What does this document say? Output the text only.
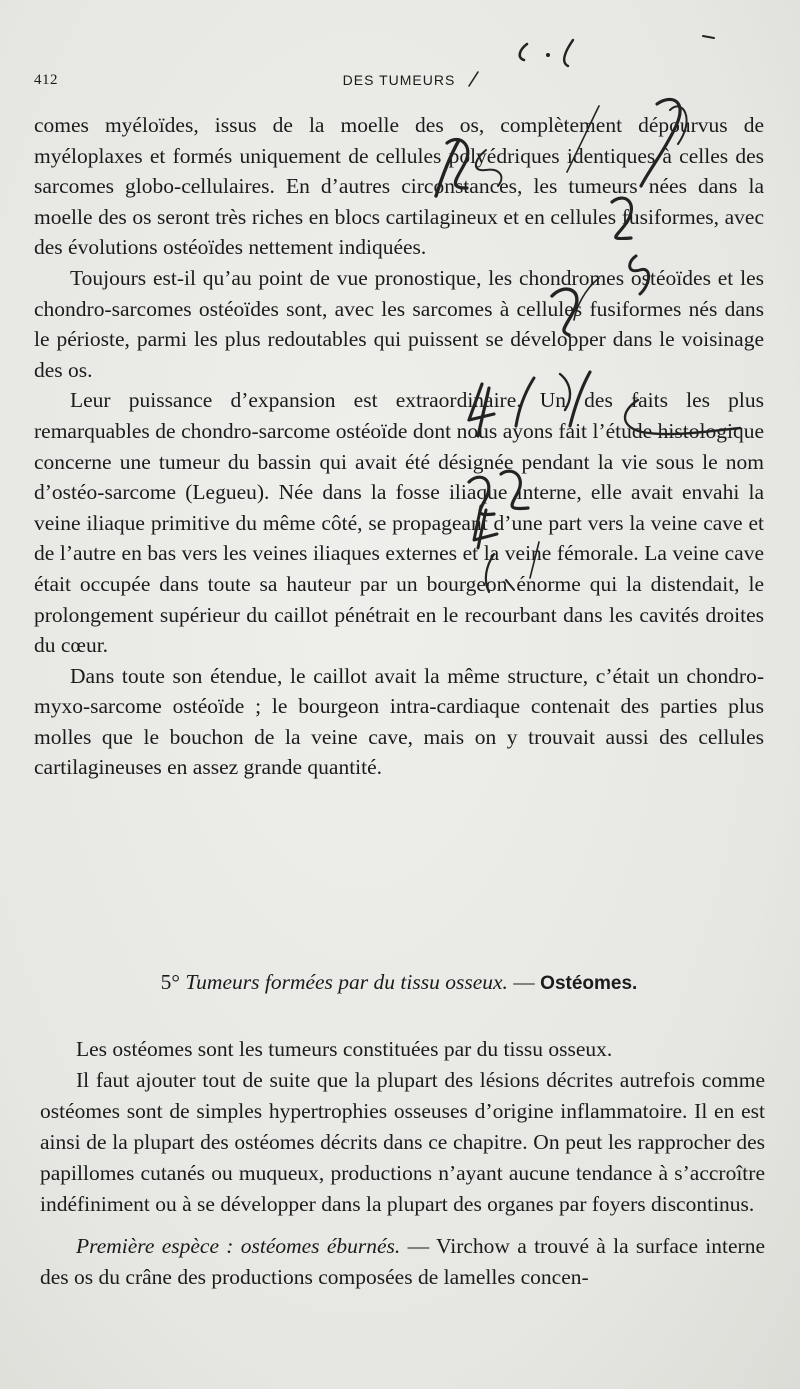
412	DES TUMEURS

comes myéloïdes, issus de la moelle des os, complètement dépourvus de myéloplaxes et formés uniquement de cellules polyédriques identiques à celles des sarcomes globo-cellulaires. En d’autres circonstances, les tumeurs nées dans la moelle des os seront très riches en blocs cartilagineux et en cellules fusiformes, avec des évolutions ostéoïdes nettement indiquées.

Toujours est-il qu’au point de vue pronostique, les chondromes ostéoïdes et les chondro-sarcomes ostéoïdes sont, avec les sarcomes à cellules fusiformes nés dans le périoste, parmi les plus redoutables qui puissent se développer dans le voisinage des os.

Leur puissance d’expansion est extraordinaire. Un des faits les plus remarquables de chondro-sarcome ostéoïde dont nous ayons fait l’étude histologique concerne une tumeur du bassin qui avait été désignée pendant la vie sous le nom d’ostéo-sarcome (Legueu). Née dans la fosse iliaque interne, elle avait envahi la veine iliaque primitive du même côté, se propageant d’une part vers la veine cave et de l’autre en bas vers les veines iliaques externes et la veine fémorale. La veine cave était occupée dans toute sa hauteur par un bourgeon énorme qui la distendait, le prolongement supérieur du caillot pénétrait en le recourbant dans les cavités droites du cœur.

Dans toute son étendue, le caillot avait la même structure, c’était un chondro-myxo-sarcome ostéoïde ; le bourgeon intra-cardiaque contenait des parties plus molles que le bouchon de la veine cave, mais on y trouvait aussi des cellules cartilagineuses en assez grande quantité.

5° Tumeurs formées par du tissu osseux. — Ostéomes.

Les ostéomes sont les tumeurs constituées par du tissu osseux.

Il faut ajouter tout de suite que la plupart des lésions décrites autrefois comme ostéomes sont de simples hypertrophies osseuses d’origine inflammatoire. Il en est ainsi de la plupart des ostéomes décrits dans ce chapitre. On peut les rapprocher des papillomes cutanés ou muqueux, productions n’ayant aucune tendance à s’accroître indéfiniment ou à se développer dans la plupart des organes par foyers discontinus.

Première espèce : ostéomes éburnés. — Virchow a trouvé à la surface interne des os du crâne des productions composées de lamelles concen-
